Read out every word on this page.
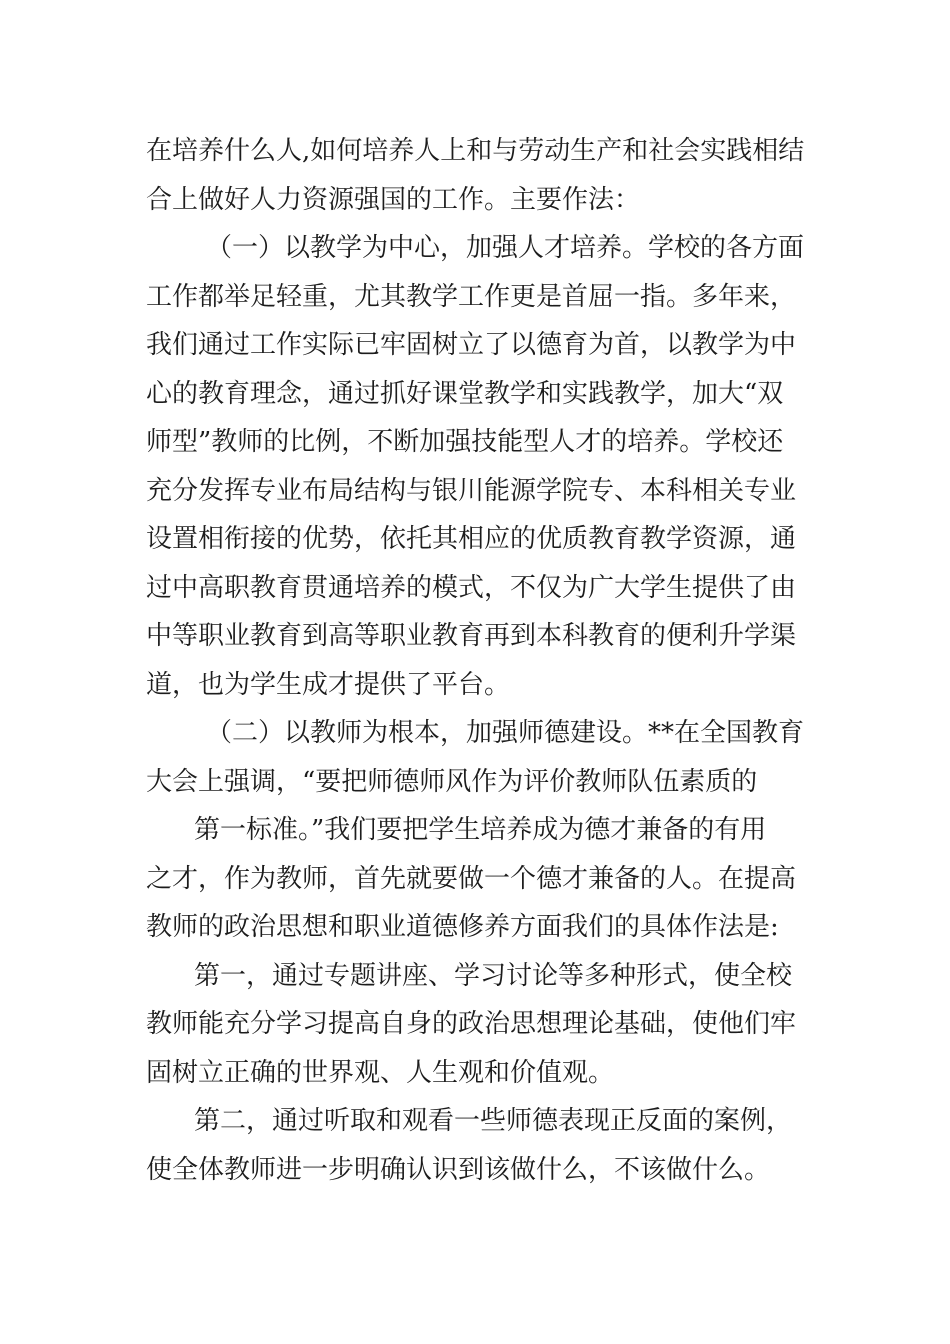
在培养什么人,如何培养人上和与劳动生产和社会实践相结
合上做好人力资源强国的工作。主要作法：
（一）以教学为中心，加强人才培养。学校的各方面
工作都举足轻重，尤其教学工作更是首屈一指。多年来，
我们通过工作实际已牢固树立了以德育为首，以教学为中
心的教育理念，通过抓好课堂教学和实践教学，加大“双
师型”教师的比例，不断加强技能型人才的培养。学校还
充分发挥专业布局结构与银川能源学院专、本科相关专业
设置相衔接的优势，依托其相应的优质教育教学资源，通
过中高职教育贯通培养的模式，不仅为广大学生提供了由
中等职业教育到高等职业教育再到本科教育的便利升学渠
道，也为学生成才提供了平台。
（二）以教师为根本，加强师德建设。**在全国教育
大会上强调，“要把师德师风作为评价教师队伍素质的
第一标准。”我们要把学生培养成为德才兼备的有用
之才，作为教师，首先就要做一个德才兼备的人。在提高
教师的政治思想和职业道德修养方面我们的具体作法是:
第一，通过专题讲座、学习讨论等多种形式，使全校
教师能充分学习提高自身的政治思想理论基础，使他们牢
固树立正确的世界观、人生观和价值观。
第二，通过听取和观看一些师德表现正反面的案例，
使全体教师进一步明确认识到该做什么，不该做什么。
